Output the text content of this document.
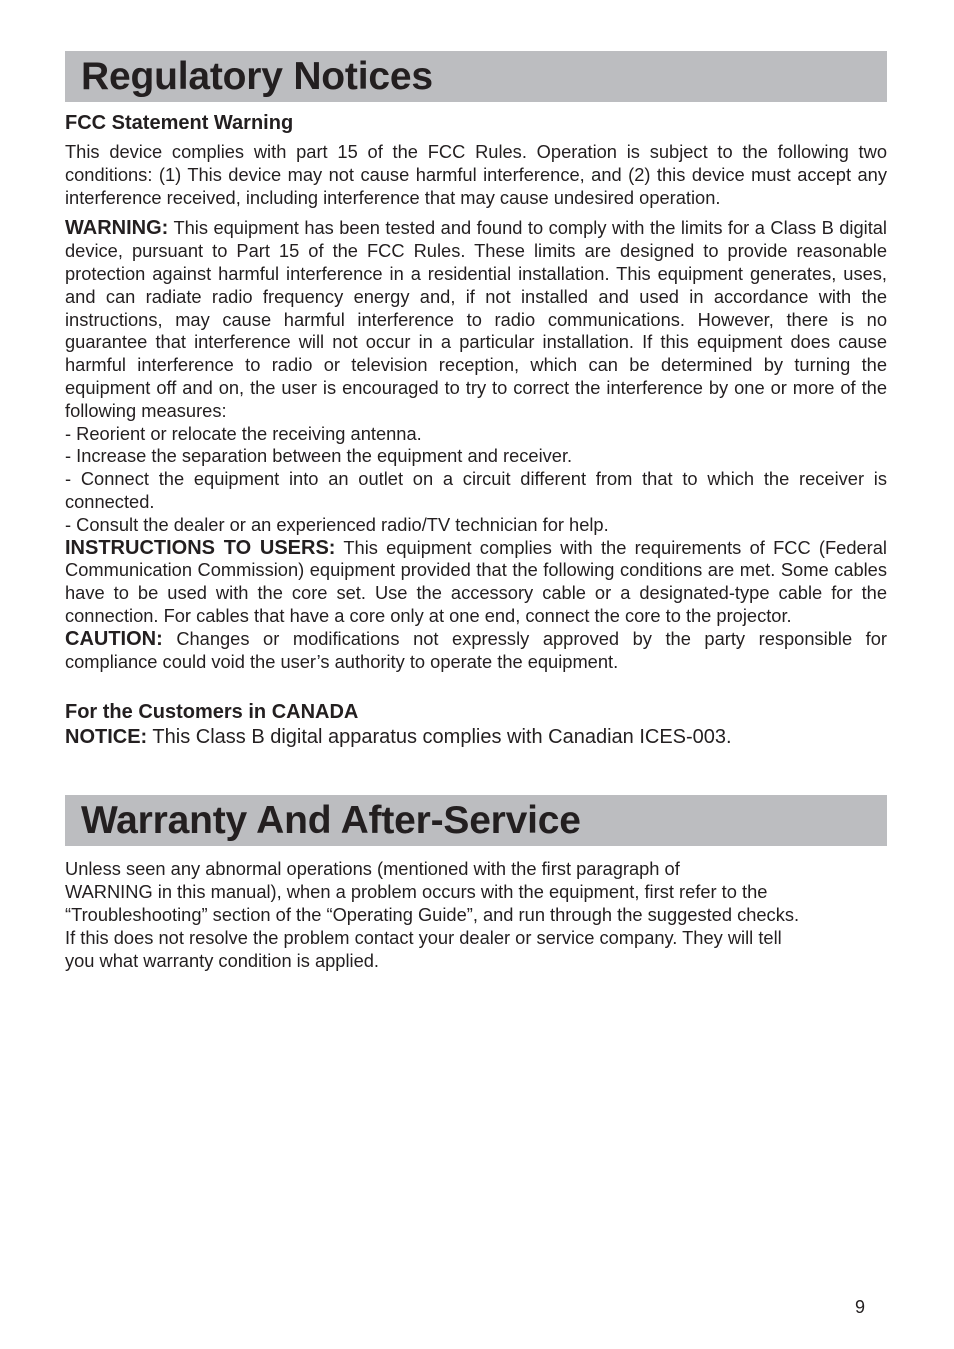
Regulatory Notices

FCC Statement Warning

This device complies with part 15 of the FCC Rules. Operation is subject to the following two conditions: (1) This device may not cause harmful interference, and (2) this device must accept any interference received, including interference that may cause undesired operation.

WARNING: This equipment has been tested and found to comply with the limits for a Class B digital device, pursuant to Part 15 of the FCC Rules. These limits are designed to provide reasonable protection against harmful interference in a residential installation. This equipment generates, uses, and can radiate radio frequency energy and, if not installed and used in accordance with the instructions, may cause harmful interference to radio communications. However, there is no guarantee that interference will not occur in a particular installation. If this equipment does cause harmful interference to radio or television reception, which can be determined by turning the equipment off and on, the user is encouraged to try to correct the interference by one or more of the following measures:

- Reorient or relocate the receiving antenna.

- Increase the separation between the equipment and receiver.

- Connect the equipment into an outlet on a circuit different from that to which the receiver is connected.

- Consult the dealer or an experienced radio/TV technician for help.

INSTRUCTIONS TO USERS: This equipment complies with the requirements of FCC (Federal Communication Commission) equipment provided that the following conditions are met. Some cables have to be used with the core set. Use the accessory cable or a designated-type cable for the connection. For cables that have a core only at one end, connect the core to the projector.

CAUTION: Changes or modifications not expressly approved by the party responsible for compliance could void the user’s authority to operate the equipment.

For the Customers in CANADA

NOTICE: This Class B digital apparatus complies with Canadian ICES-003.

Warranty And After-Service

Unless seen any abnormal operations (mentioned with the first paragraph of

WARNING in this manual), when a problem occurs with the equipment, first refer to the

“Troubleshooting” section of the “Operating Guide”, and run through the suggested checks.

If this does not resolve the problem contact your dealer or service company. They will tell

you what warranty condition is applied.

9
